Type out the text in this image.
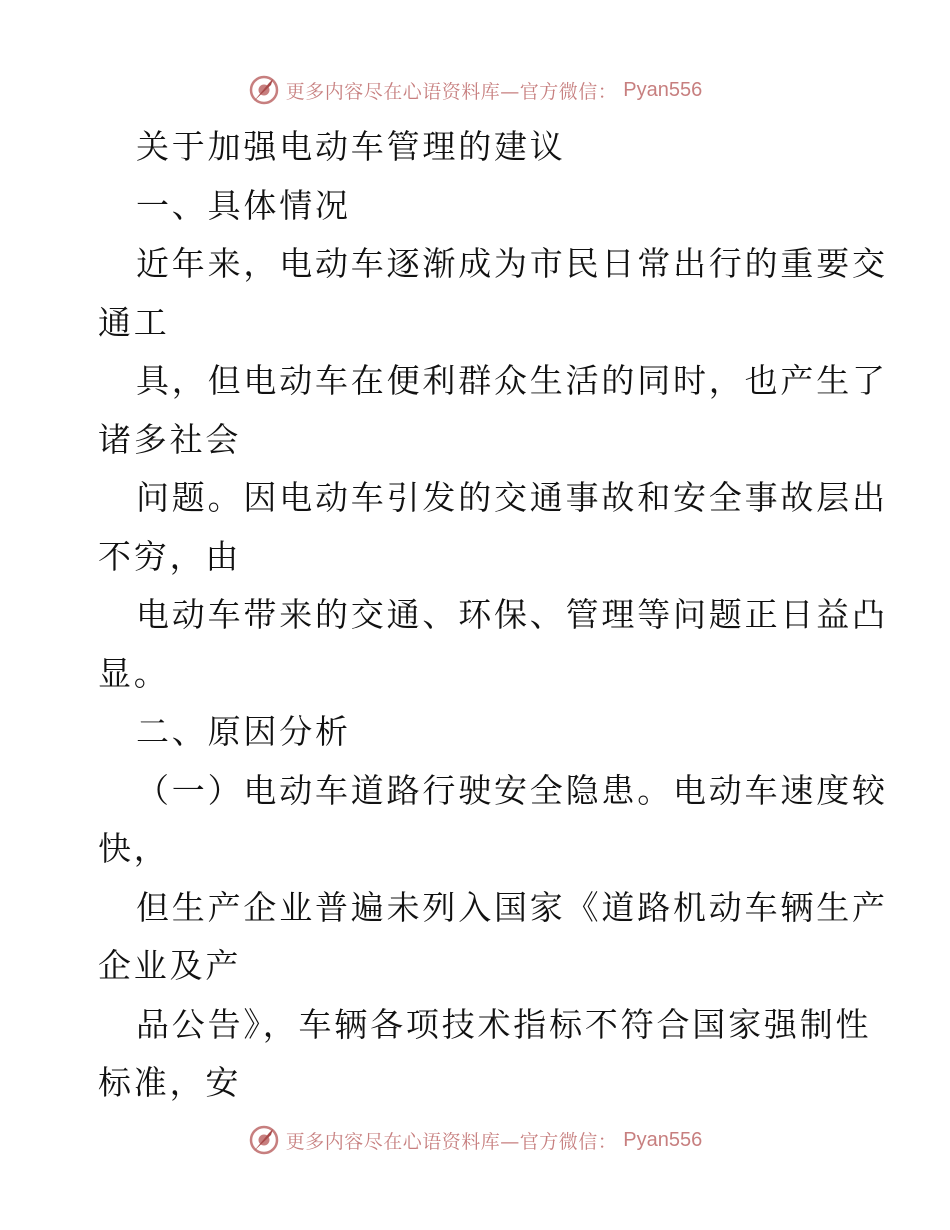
更多内容尽在心语资料库—官方微信： Pyan556
关于加强电动车管理的建议
一、具体情况
近年来，电动车逐渐成为市民日常出行的重要交
通工
具，但电动车在便利群众生活的同时，也产生了
诸多社会
问题。因电动车引发的交通事故和安全事故层出
不穷，由
电动车带来的交通、环保、管理等问题正日益凸
显。
二、原因分析
（一）电动车道路行驶安全隐患。电动车速度较
快，
但生产企业普遍未列入国家《道路机动车辆生产
企业及产
品公告》，车辆各项技术指标不符合国家强制性
标准，安
更多内容尽在心语资料库—官方微信： Pyan556
